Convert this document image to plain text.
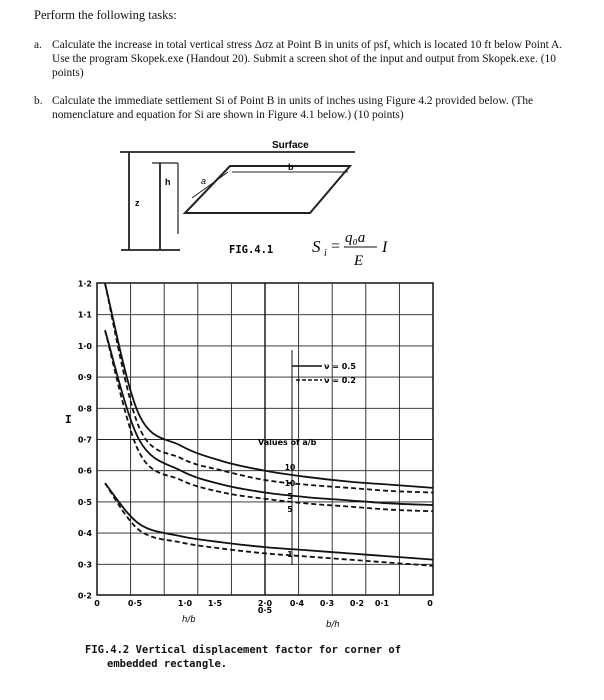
Perform the following tasks:
a. Calculate the increase in total vertical stress Δσz at Point B in units of psf, which is located 10 ft below Point A. Use the program Skopek.exe (Handout 20). Submit a screen shot of the input and output from Skopek.exe. (10 points)
b. Calculate the immediate settlement Si of Point B in units of inches using Figure 4.2 provided below. (The nomenclature and equation for Si are shown in Figure 4.1 below.) (10 points)
Surface
b
a
h
z
FIG.4.1 S i = q₀a
E
I
1·2
1·1
1·0
0·9
0·8
0·7
0·6
0·5
0·4
0·3
0·2
0	0·5	1·0 1·5	2·0
0·5
0·4 0·3 0·2 0·1	0
I
h/b	b/h
ν = 0.5
ν = 0.2
Values of a/b
10
10
5
5
1
FIG.4.2 Vertical displacement factor for corner of
embedded rectangle.
